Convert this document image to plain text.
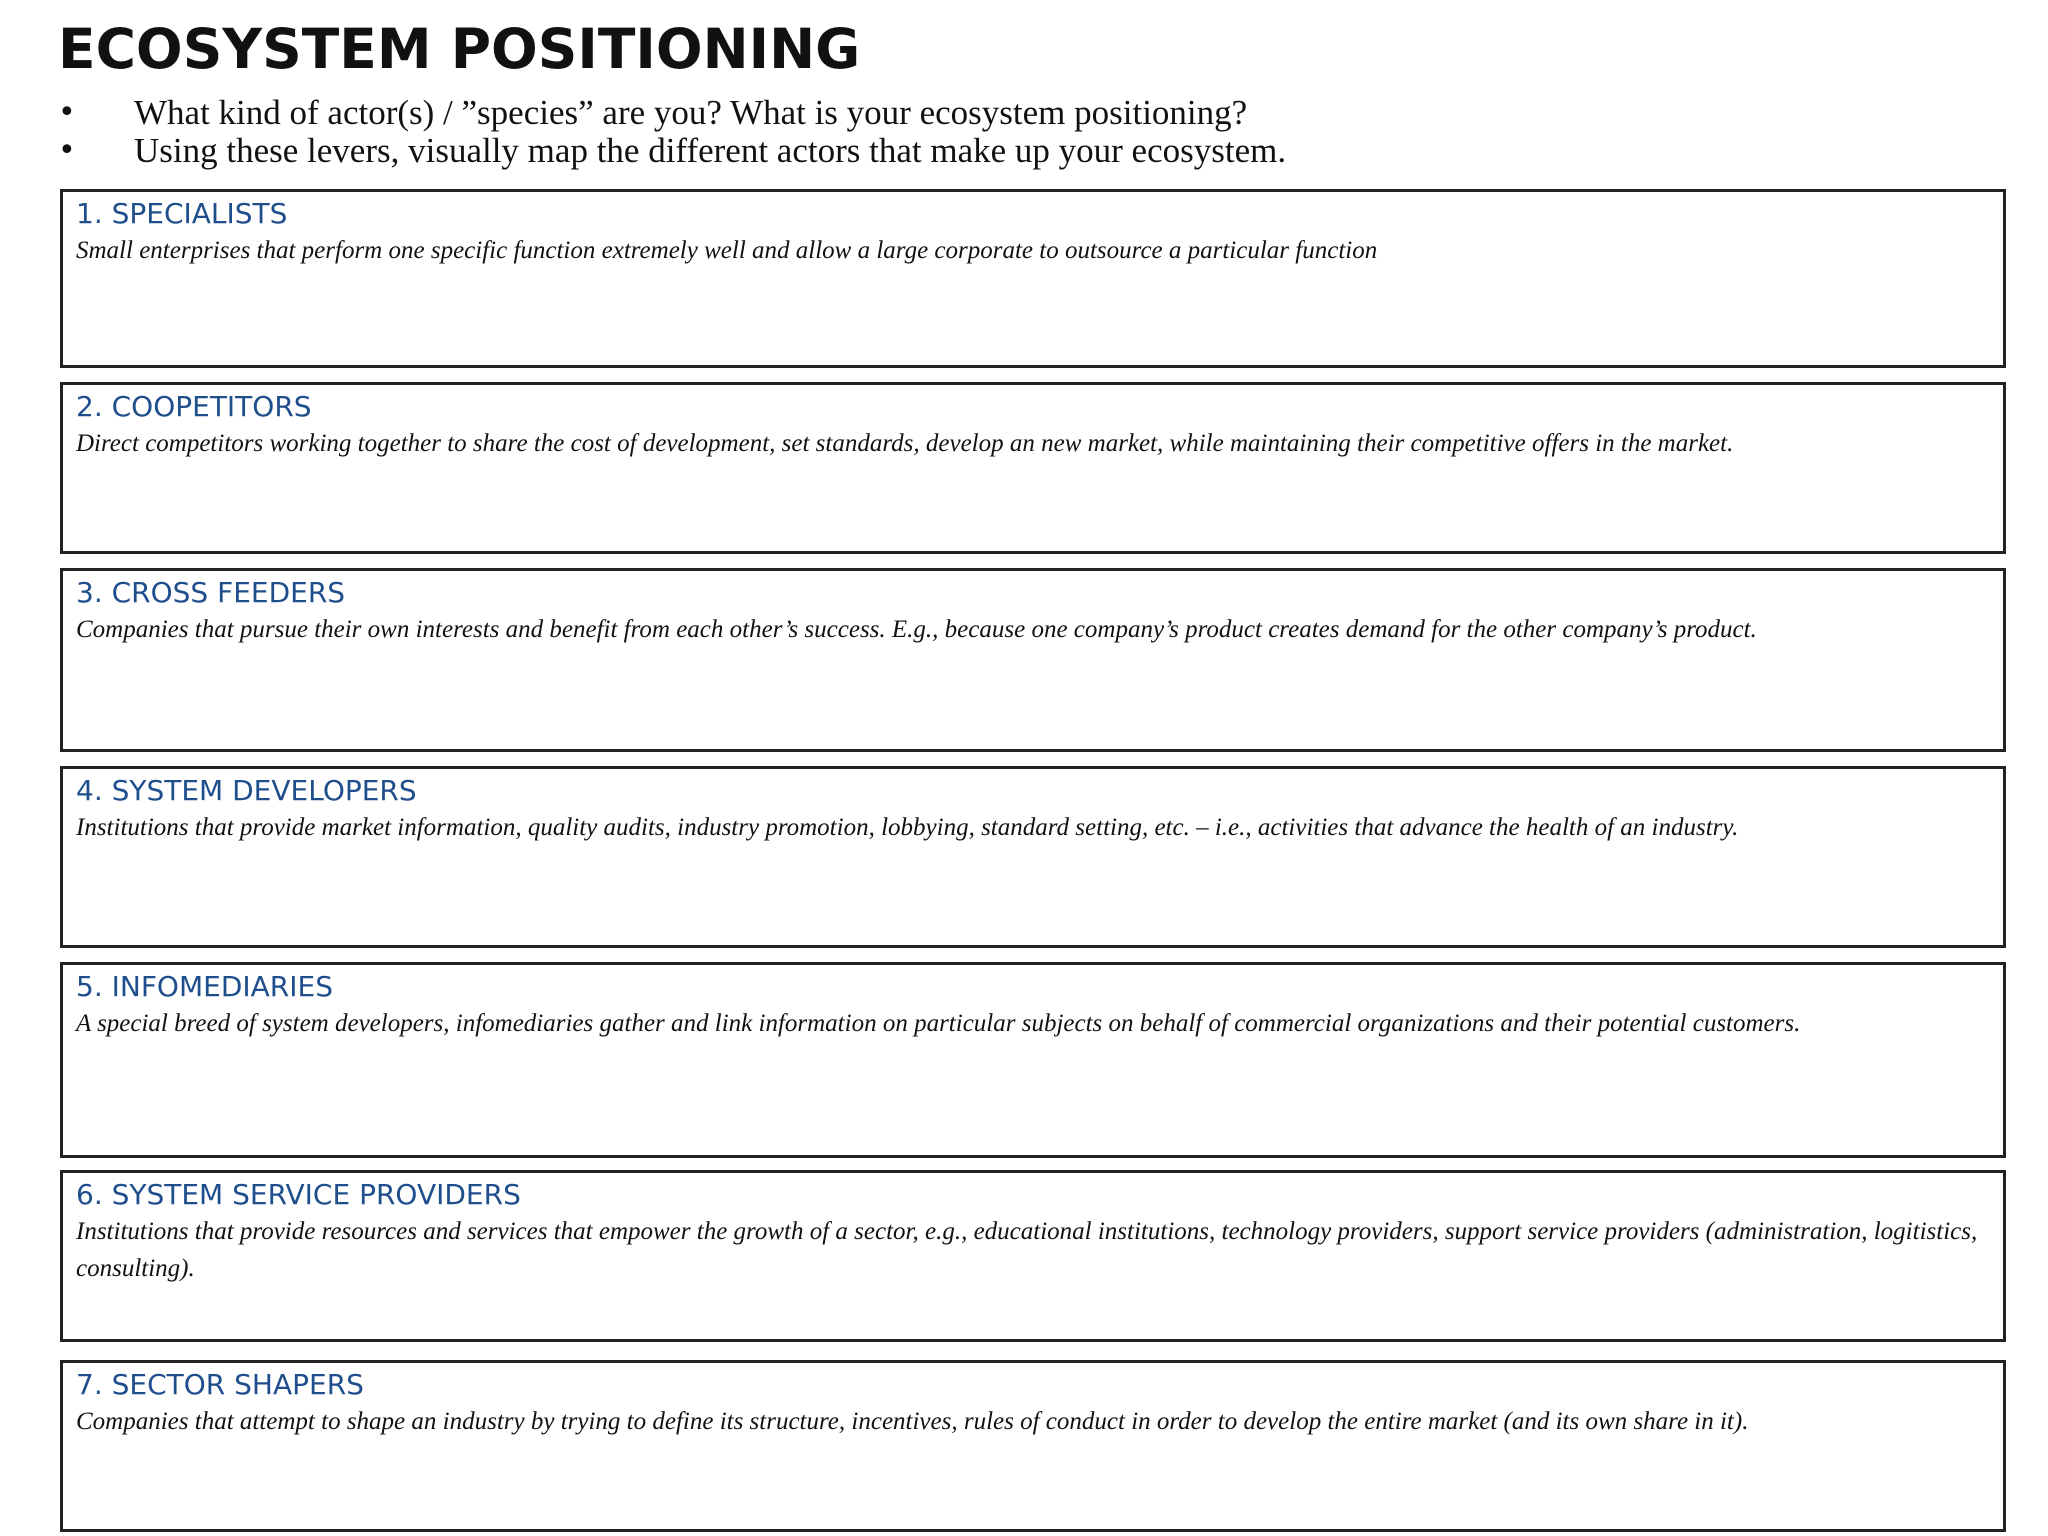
ECOSYSTEM POSITIONING
• What kind of actor(s) / ”species” are you? What is your ecosystem positioning?
• Using these levers, visually map the different actors that make up your ecosystem.
1. SPECIALISTS
Small enterprises that perform one specific function extremely well and allow a large corporate to outsource a particular function
2. COOPETITORS
Direct competitors working together to share the cost of development, set standards, develop an new market, while maintaining their competitive offers in the market.
3. CROSS FEEDERS
Companies that pursue their own interests and benefit from each other’s success. E.g., because one company’s product creates demand for the other company’s product.
4. SYSTEM DEVELOPERS
Institutions that provide market information, quality audits, industry promotion, lobbying, standard setting, etc. – i.e., activities that advance the health of an industry.
5. INFOMEDIARIES
A special breed of system developers, infomediaries gather and link information on particular subjects on behalf of commercial organizations and their potential customers.
6. SYSTEM SERVICE PROVIDERS
Institutions that provide resources and services that empower the growth of a sector, e.g., educational institutions, technology providers, support service providers (administration, logitistics, consulting).
7. SECTOR SHAPERS
Companies that attempt to shape an industry by trying to define its structure, incentives, rules of conduct in order to develop the entire market (and its own share in it).
